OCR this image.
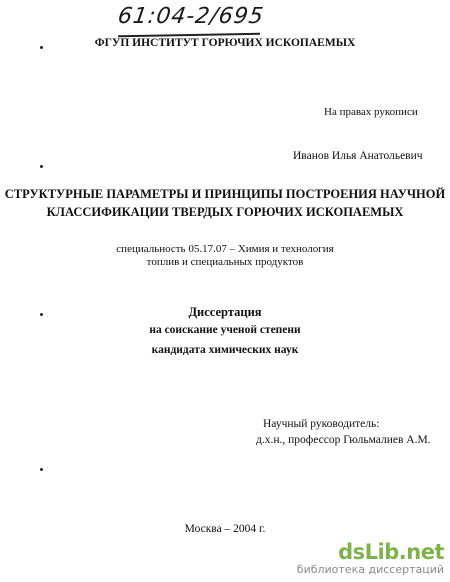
61:04-2/695
ФГУП ИНСТИТУТ ГОРЮЧИХ ИСКОПАЕМЫХ
На правах рукописи
Иванов Илья Анатольевич
СТРУКТУРНЫЕ ПАРАМЕТРЫ И ПРИНЦИПЫ ПОСТРОЕНИЯ НАУЧНОЙ
КЛАССИФИКАЦИИ ТВЕРДЫХ ГОРЮЧИХ ИСКОПАЕМЫХ
специальность 05.17.07 – Химия и технология
топлив и специальных продуктов
Диссертация
на соискание ученой степени
кандидата химических наук
Научный руководитель:
д.х.н., профессор Гюльмалиев А.М.
Москва – 2004 г.
dsLib.net
библиотека диссертаций
